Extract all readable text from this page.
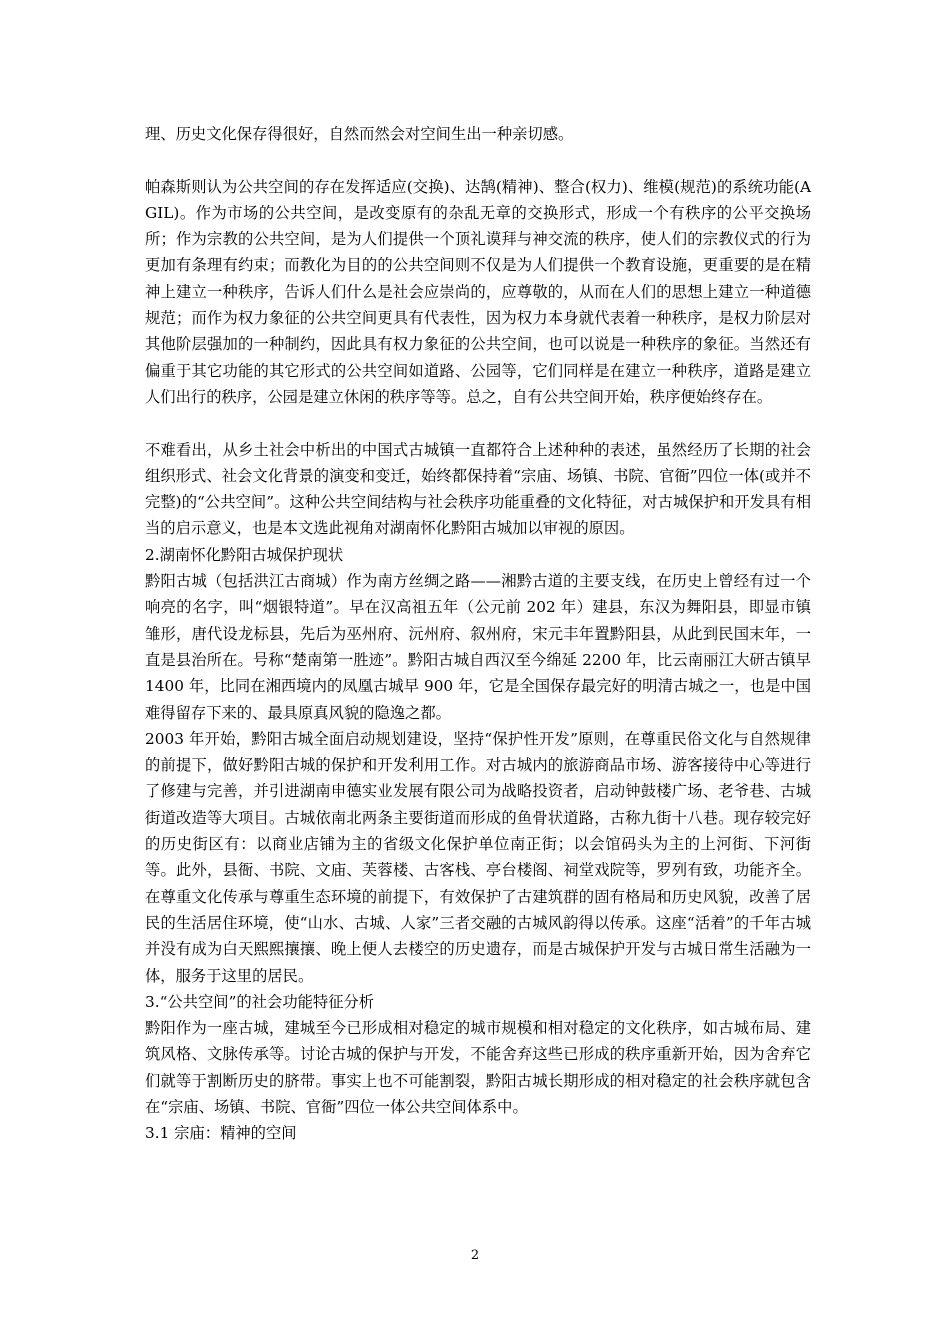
理、历史文化保存得很好，自然而然会对空间生出一种亲切感。

帕森斯则认为公共空间的存在发挥适应(交换)、达鹄(精神)、整合(权力)、维模(规范)的系统功能(AGIL)。作为市场的公共空间，是改变原有的杂乱无章的交换形式，形成一个有秩序的公平交换场所；作为宗教的公共空间，是为人们提供一个顶礼谟拜与神交流的秩序，使人们的宗教仪式的行为更加有条理有约束；而教化为目的的公共空间则不仅是为人们提供一个教育设施，更重要的是在精神上建立一种秩序，告诉人们什么是社会应崇尚的，应尊敬的，从而在人们的思想上建立一种道德规范；而作为权力象征的公共空间更具有代表性，因为权力本身就代表着一种秩序，是权力阶层对其他阶层强加的一种制约，因此具有权力象征的公共空间，也可以说是一种秩序的象征。当然还有偏重于其它功能的其它形式的公共空间如道路、公园等，它们同样是在建立一种秩序，道路是建立人们出行的秩序，公园是建立休闲的秩序等等。总之，自有公共空间开始，秩序便始终存在。

不难看出，从乡土社会中析出的中国式古城镇一直都符合上述种种的表述，虽然经历了长期的社会组织形式、社会文化背景的演变和变迁，始终都保持着“宗庙、场镇、书院、官衙”四位一体(或并不完整)的“公共空间”。这种公共空间结构与社会秩序功能重叠的文化特征，对古城保护和开发具有相当的启示意义，也是本文选此视角对湖南怀化黔阳古城加以审视的原因。

2.湖南怀化黔阳古城保护现状

黔阳古城（包括洪江古商城）作为南方丝绸之路——湘黔古道的主要支线，在历史上曾经有过一个响亮的名字，叫“烟银特道”。早在汉高祖五年（公元前 202 年）建县，东汉为舞阳县，即显市镇雏形，唐代设龙标县，先后为巫州府、沅州府、叙州府，宋元丰年置黔阳县，从此到民国末年，一直是县治所在。号称“楚南第一胜迹”。黔阳古城自西汉至今绵延 2200 年，比云南丽江大研古镇早 1400 年，比同在湘西境内的凤凰古城早 900 年，它是全国保存最完好的明清古城之一，也是中国难得留存下来的、最具原真风貌的隐逸之都。

2003 年开始，黔阳古城全面启动规划建设，坚持“保护性开发”原则，在尊重民俗文化与自然规律的前提下，做好黔阳古城的保护和开发利用工作。对古城内的旅游商品市场、游客接待中心等进行了修建与完善，并引进湖南申德实业发展有限公司为战略投资者，启动钟鼓楼广场、老爷巷、古城街道改造等大项目。古城依南北两条主要街道而形成的鱼骨状道路，古称九街十八巷。现存较完好的历史街区有：以商业店铺为主的省级文化保护单位南正街；以会馆码头为主的上河街、下河街等。此外，县衙、书院、文庙、芙蓉楼、古客栈、亭台楼阁、祠堂戏院等，罗列有致，功能齐全。在尊重文化传承与尊重生态环境的前提下，有效保护了古建筑群的固有格局和历史风貌，改善了居民的生活居住环境，使“山水、古城、人家”三者交融的古城风韵得以传承。这座“活着”的千年古城并没有成为白天熙熙攘攘、晚上便人去楼空的历史遗存，而是古城保护开发与古城日常生活融为一体，服务于这里的居民。

3.“公共空间”的社会功能特征分析

黔阳作为一座古城，建城至今已形成相对稳定的城市规模和相对稳定的文化秩序，如古城布局、建筑风格、文脉传承等。讨论古城的保护与开发，不能舍弃这些已形成的秩序重新开始，因为舍弃它们就等于割断历史的脐带。事实上也不可能割裂，黔阳古城长期形成的相对稳定的社会秩序就包含在“宗庙、场镇、书院、官衙”四位一体公共空间体系中。

3.1 宗庙：精神的空间

2
